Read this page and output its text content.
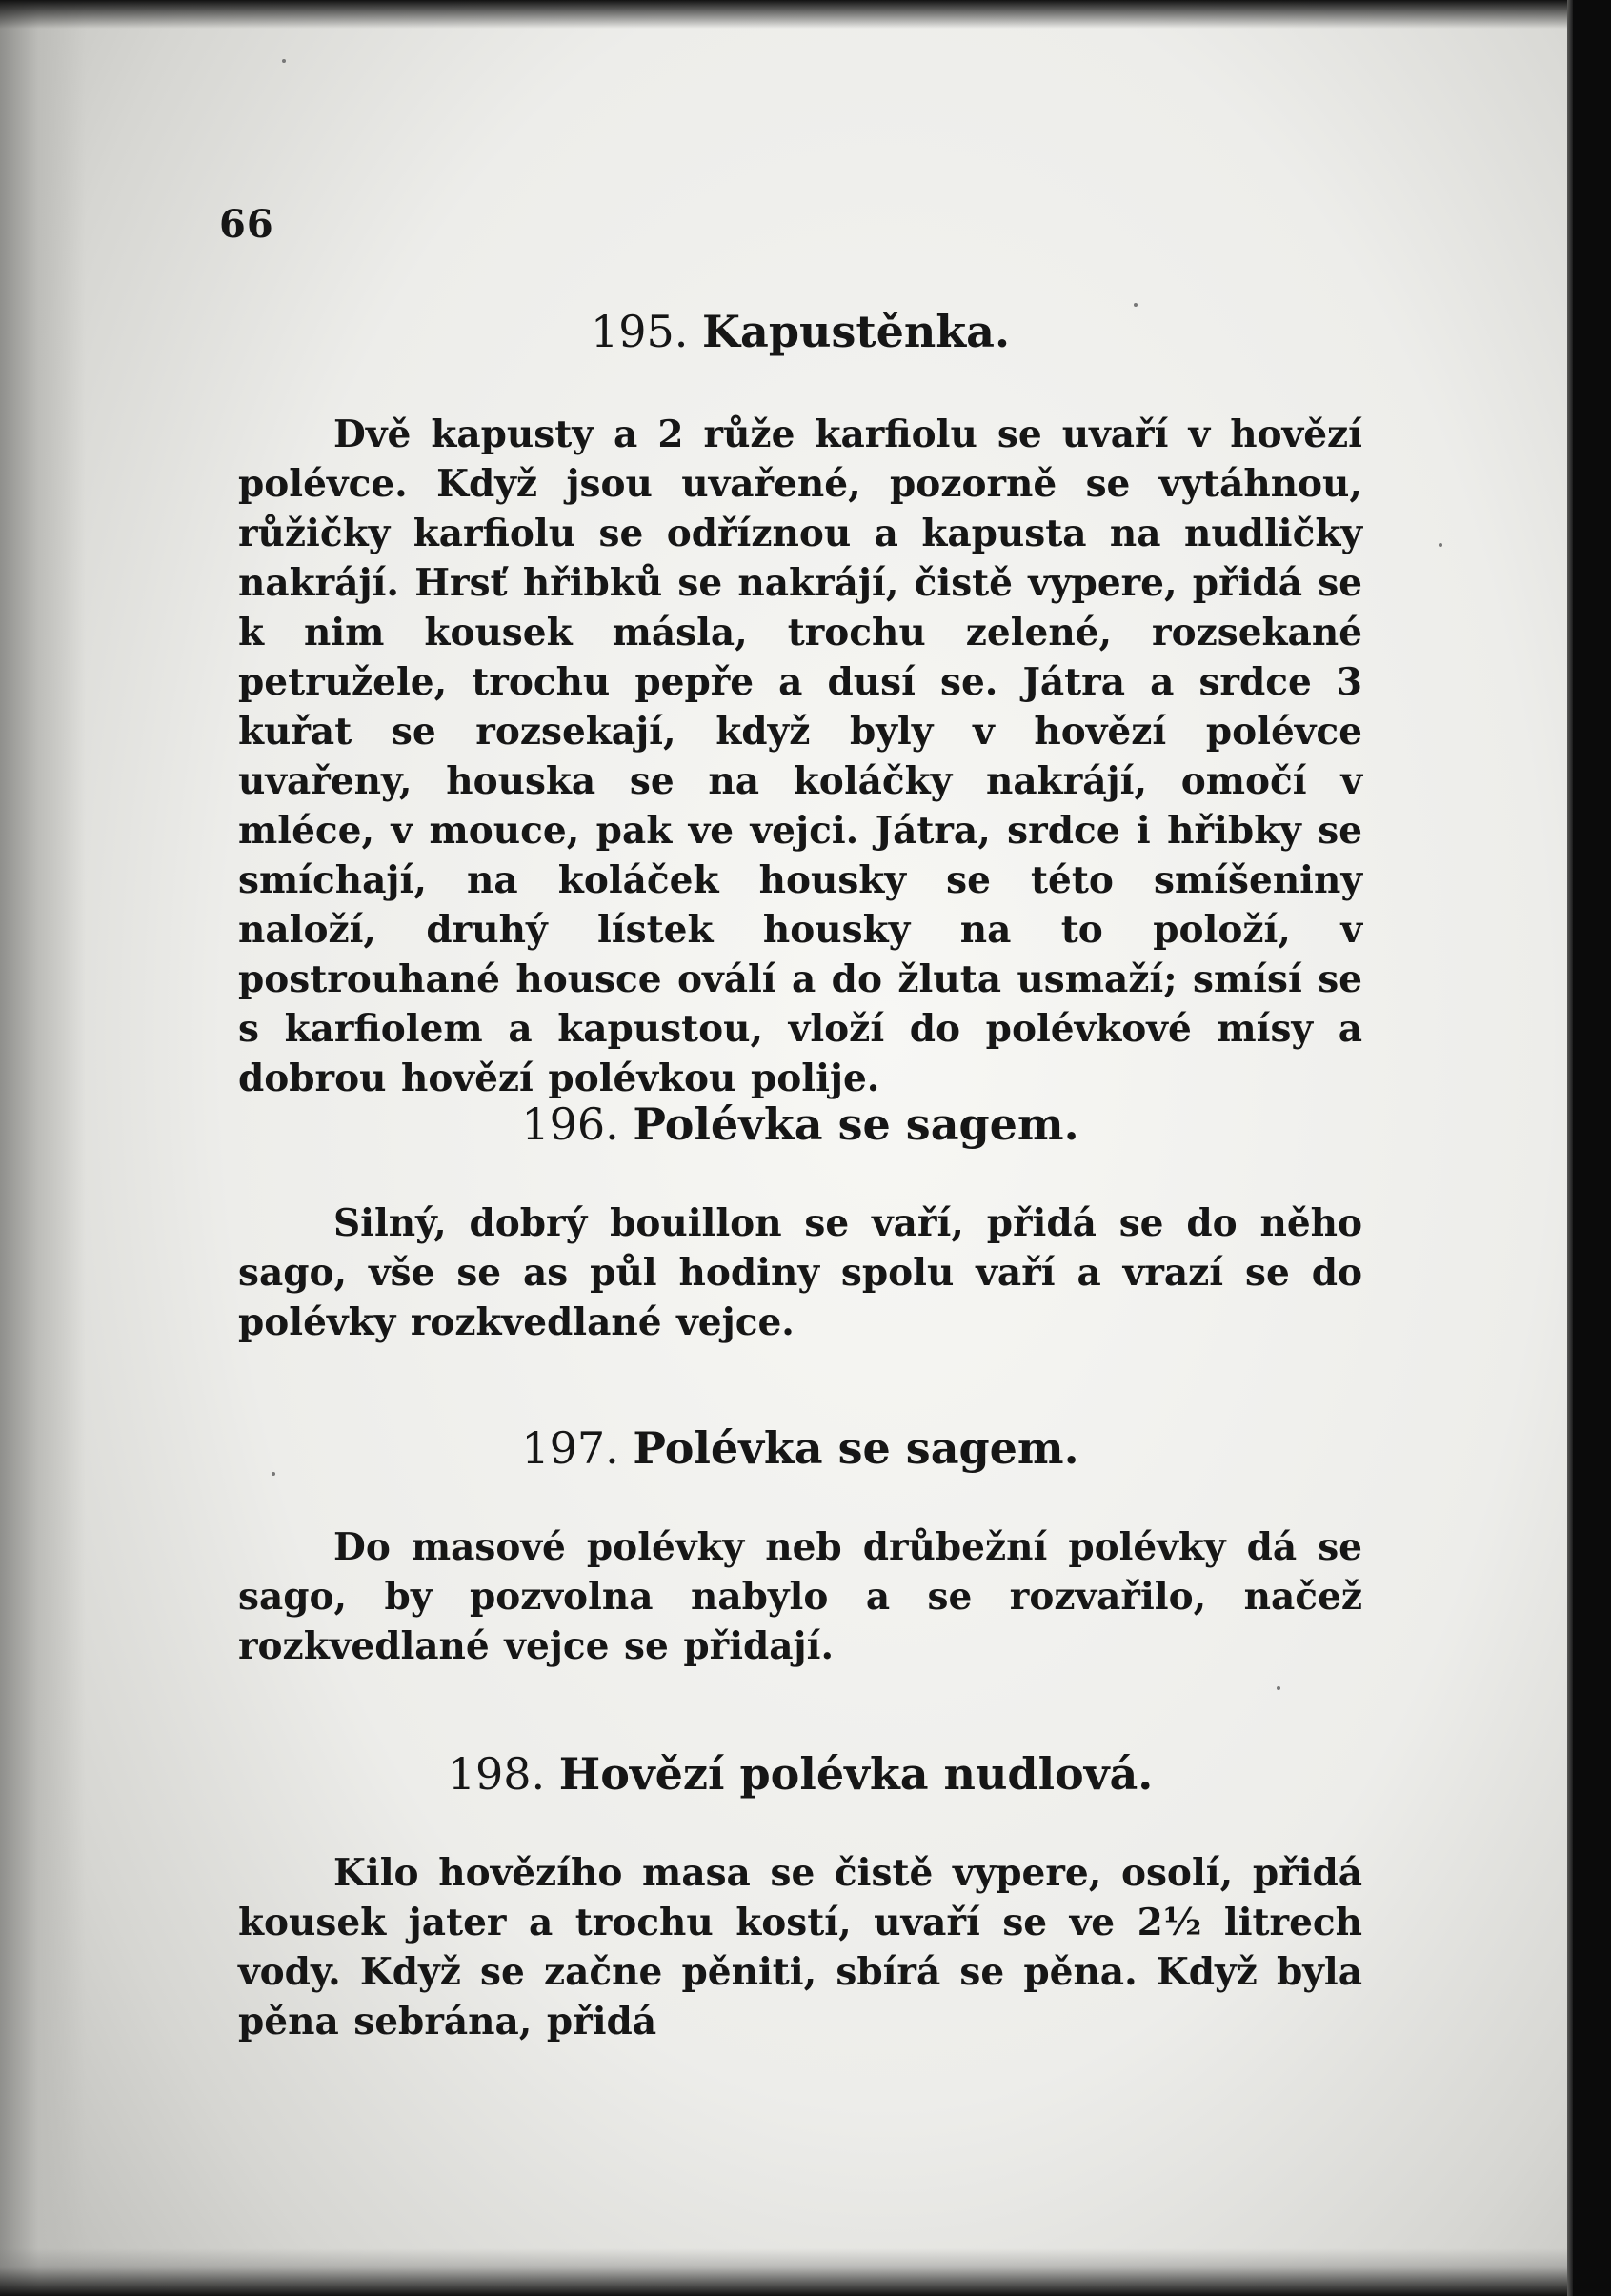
66
195. Kapustěnka.

Dvě kapusty a 2 růže karfiolu se uvaří v hovězí polévce. Když jsou uvařené, pozorně se vytáhnou, růžičky karfiolu se odříznou a kapusta na nudličky nakrájí. Hrsť hřibků se nakrájí, čistě vypere, přidá se k nim kousek másla, trochu zelené, rozsekané petružele, trochu pepře a dusí se. Játra a srdce 3 kuřat se rozsekají, když byly v hovězí polévce uvařeny, houska se na koláčky nakrájí, omočí v mléce, v mouce, pak ve vejci. Játra, srdce i hřibky se smíchají, na koláček housky se této smíšeniny naloží, druhý lístek housky na to položí, v postrouhané housce oválí a do žluta usmaží; smísí se s karfiolem a kapustou, vloží do polévkové mísy a dobrou hovězí polévkou polije.

196. Polévka se sagem.

Silný, dobrý bouillon se vaří, přidá se do něho sago, vše se as půl hodiny spolu vaří a vrazí se do polévky rozkvedlané vejce.

197. Polévka se sagem.

Do masové polévky neb drůbežní polévky dá se sago, by pozvolna nabylo a se rozvařilo, načež rozkvedlané vejce se přidají.

198. Hovězí polévka nudlová.

Kilo hovězího masa se čistě vypere, osolí, přidá kousek jater a trochu kostí, uvaří se ve 2½ litrech vody. Když se začne pěniti, sbírá se pěna. Když byla pěna sebrána, přidá
